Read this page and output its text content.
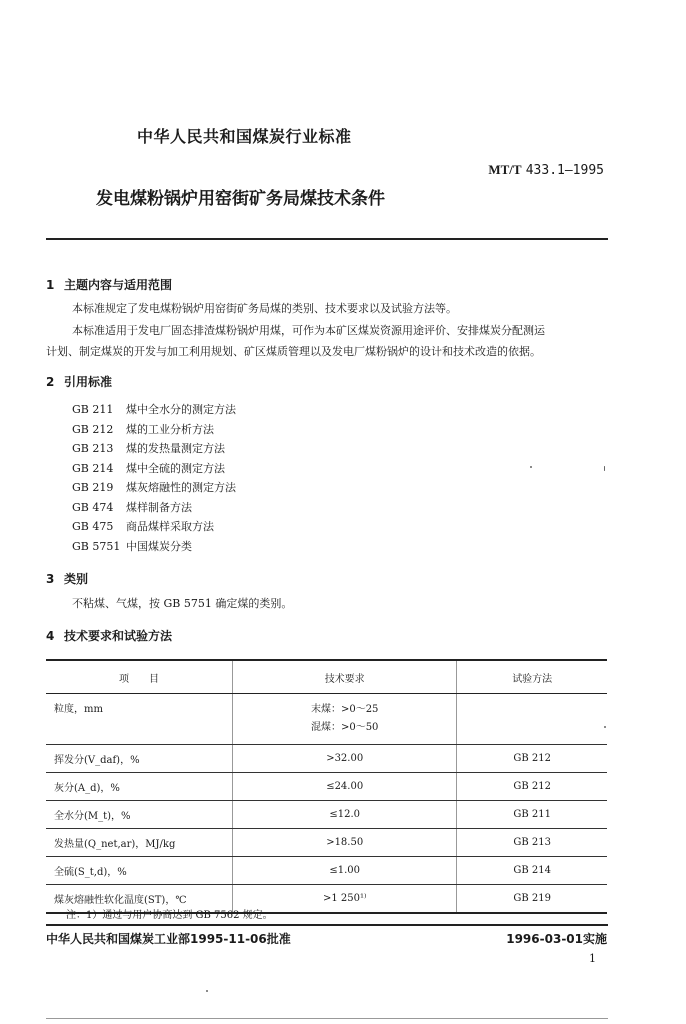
中华人民共和国煤炭行业标准
MT/T 433.1—1995
发电煤粉锅炉用窑街矿务局煤技术条件
1 主题内容与适用范围
本标准规定了发电煤粉锅炉用窑街矿务局煤的类别、技术要求以及试验方法等。
本标准适用于发电厂固态排渣煤粉锅炉用煤，可作为本矿区煤炭资源用途评价、安排煤炭分配测运
计划、制定煤炭的开发与加工利用规划、矿区煤质管理以及发电厂煤粉锅炉的设计和技术改造的依据。
2 引用标准
GB 211 煤中全水分的测定方法
GB 212 煤的工业分析方法
GB 213 煤的发热量测定方法
GB 214 煤中全硫的测定方法
GB 219 煤灰熔融性的测定方法
GB 474 煤样制备方法
GB 475 商品煤样采取方法
GB 5751 中国煤炭分类
3 类别
不粘煤、气煤，按 GB 5751 确定煤的类别。
4 技术要求和试验方法
项　　目	技术要求	试验方法
粒度，mm	末煤：>0～25
混煤：>0～50	

挥发分(V_daf)，%	>32.00	GB 212
灰分(A_d)，%	≤24.00	GB 212
全水分(M_t)，%	≤12.0	GB 211
发热量(Q_net,ar)，MJ/kg	>18.50	GB 213
全硫(S_t,d)，%	≤1.00	GB 214
煤灰熔融性软化温度(ST)，℃	>1 250¹⁾	GB 219
注：1）通过与用户协商达到 GB 7562 规定。
中华人民共和国煤炭工业部1995-11-06批准	1996-03-01实施
1
